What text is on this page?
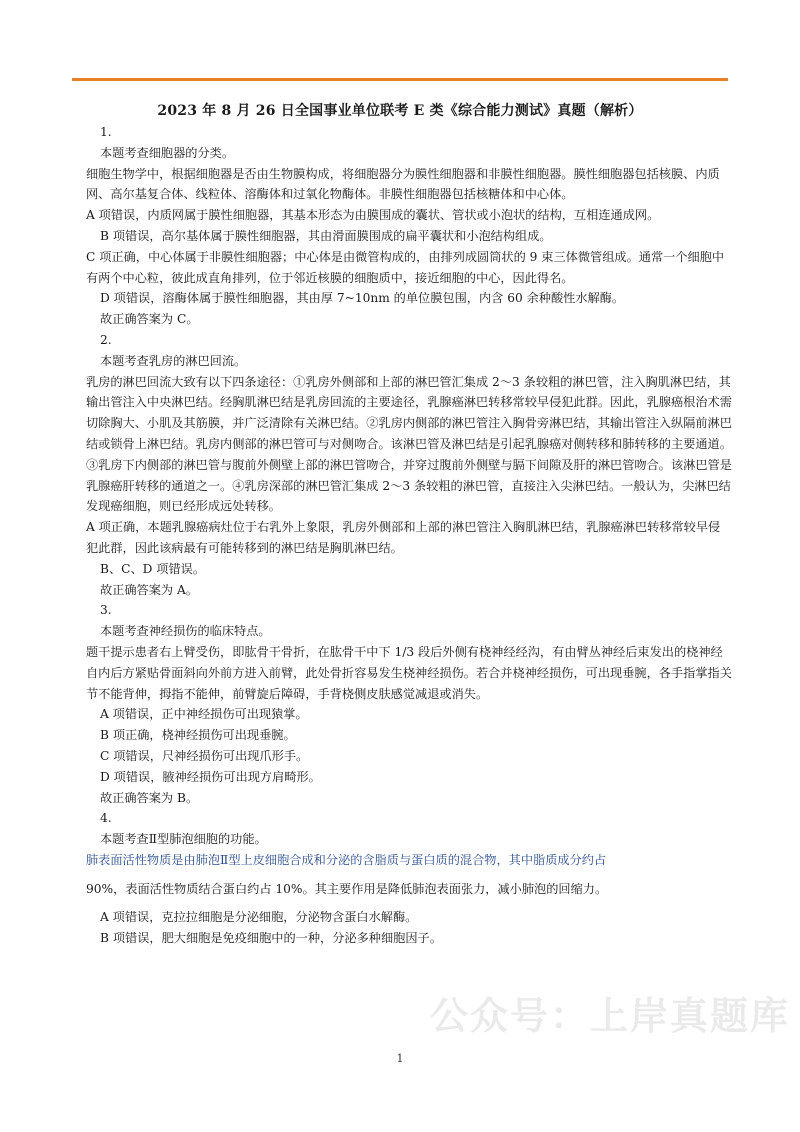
2023 年 8 月 26 日全国事业单位联考 E 类《综合能力测试》真题（解析）

1.

本题考查细胞器的分类。

细胞生物学中，根据细胞器是否由生物膜构成，将细胞器分为膜性细胞器和非膜性细胞器。膜性细胞器包括核膜、内质网、高尔基复合体、线粒体、溶酶体和过氧化物酶体。非膜性细胞器包括核糖体和中心体。

A 项错误，内质网属于膜性细胞器，其基本形态为由膜围成的囊状、管状或小泡状的结构，互相连通成网。

B 项错误，高尔基体属于膜性细胞器，其由滑面膜围成的扁平囊状和小泡结构组成。

C 项正确，中心体属于非膜性细胞器；中心体是由微管构成的，由排列成圆筒状的 9 束三体微管组成。通常一个细胞中有两个中心粒，彼此成直角排列，位于邻近核膜的细胞质中，接近细胞的中心，因此得名。

D 项错误，溶酶体属于膜性细胞器，其由厚 7~10nm 的单位膜包围，内含 60 余种酸性水解酶。

故正确答案为 C。

2.

本题考查乳房的淋巴回流。

乳房的淋巴回流大致有以下四条途径：①乳房外侧部和上部的淋巴管汇集成 2～3 条较粗的淋巴管，注入胸肌淋巴结，其输出管注入中央淋巴结。经胸肌淋巴结是乳房回流的主要途径，乳腺癌淋巴转移常较早侵犯此群。因此，乳腺癌根治术需切除胸大、小肌及其筋膜，并广泛清除有关淋巴结。②乳房内侧部的淋巴管注入胸骨旁淋巴结，其输出管注入纵隔前淋巴结或锁骨上淋巴结。乳房内侧部的淋巴管可与对侧吻合。该淋巴管及淋巴结是引起乳腺癌对侧转移和肺转移的主要通道。③乳房下内侧部的淋巴管与腹前外侧壁上部的淋巴管吻合，并穿过腹前外侧壁与膈下间隙及肝的淋巴管吻合。该淋巴管是乳腺癌肝转移的通道之一。④乳房深部的淋巴管汇集成 2～3 条较粗的淋巴管，直接注入尖淋巴结。一般认为，尖淋巴结发现癌细胞，则已经形成远处转移。

A 项正确，本题乳腺癌病灶位于右乳外上象限，乳房外侧部和上部的淋巴管注入胸肌淋巴结，乳腺癌淋巴转移常较早侵犯此群，因此该病最有可能转移到的淋巴结是胸肌淋巴结。

B、C、D 项错误。

故正确答案为 A。

3.

本题考查神经损伤的临床特点。

题干提示患者右上臂受伤，即肱骨干骨折，在肱骨干中下 1/3 段后外侧有桡神经经沟，有由臂丛神经后束发出的桡神经自内后方紧贴骨面斜向外前方进入前臂，此处骨折容易发生桡神经损伤。若合并桡神经损伤，可出现垂腕，各手指掌指关节不能背伸，拇指不能伸，前臂旋后障碍，手背桡侧皮肤感觉减退或消失。

A 项错误，正中神经损伤可出现猿掌。

B 项正确，桡神经损伤可出现垂腕。

C 项错误，尺神经损伤可出现爪形手。

D 项错误，腋神经损伤可出现方肩畸形。

故正确答案为 B。

4.

本题考查Ⅱ型肺泡细胞的功能。

肺表面活性物质是由肺泡Ⅱ型上皮细胞合成和分泌的含脂质与蛋白质的混合物，其中脂质成分约占

90%，表面活性物质结合蛋白约占 10%。其主要作用是降低肺泡表面张力，减小肺泡的回缩力。

A 项错误，克拉拉细胞是分泌细胞，分泌物含蛋白水解酶。

B 项错误，肥大细胞是免疫细胞中的一种，分泌多种细胞因子。

公众号：上岸真题库
1
